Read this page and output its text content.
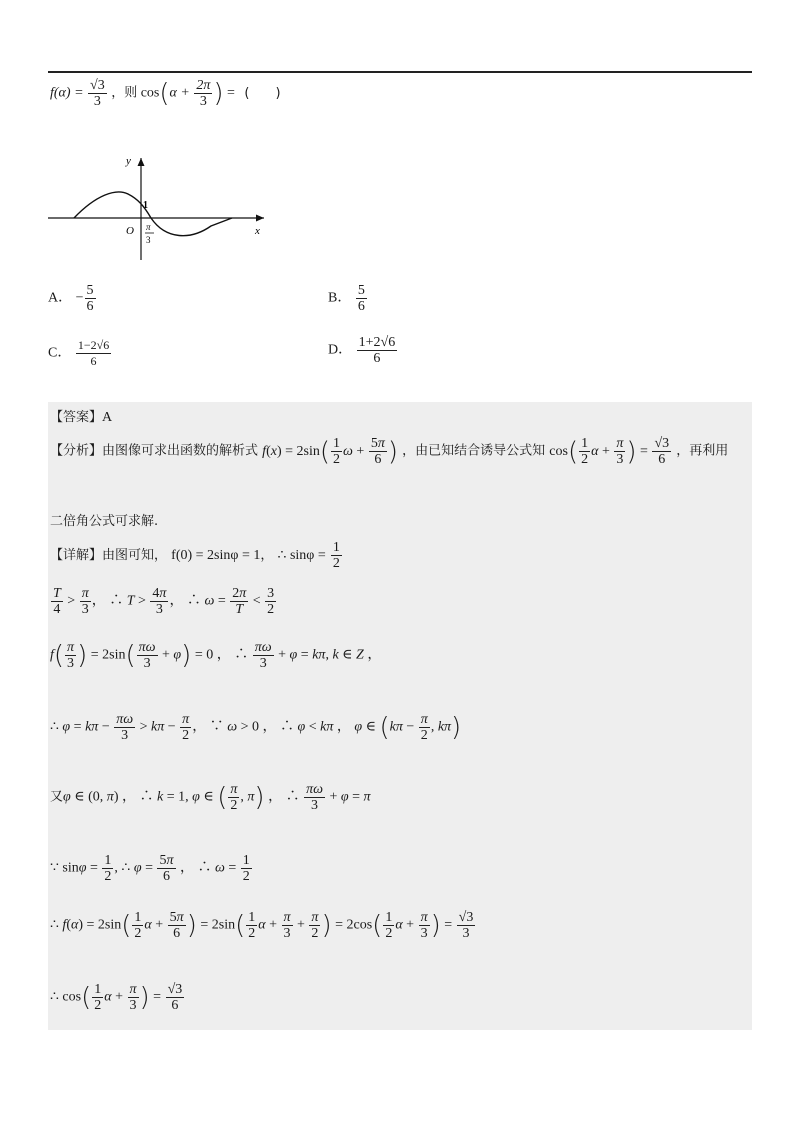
$f(\alpha) = \frac{√3}{3}$ ，则 $\cos(\alpha + \frac{2\pi}{3}$ ) = (　　)
y
x
O
1
π
3
A． − $\frac{5}{6}$	B． $\frac{5}{6}$
C． $\frac{1-2√6}{6}$	D． $\frac{1+2√6}{6}$
【答案】A
【分析】由图像可求出函数的解析式 $f(x) = 2\sin( \frac{1}{2}$ $\omega + \frac{5\pi}{6}$ ) ，由已知结合诱导公式知 $\cos( \frac{1}{2}$ $\alpha + \frac{\pi}{3}$ ) = $\frac{√3}{6}$ ，再利用
二倍角公式可求解.
【详解】由图可知， f(0) = 2sinφ = 1， ∴ $\sin\varphi = \frac{1}{2}$
$\frac{T}{4} > \frac{\pi}{3}$ ， ∴ $T > \frac{4\pi}{3}$ ， ∴ $\omega = \frac{2\pi}{T} < \frac{3}{2}$
$f( \frac{\pi}{3}$ ) = $2\sin( \frac{\pi\omega}{3} + \varphi) = 0$ ， ∴ $\frac{\pi\omega}{3} + \varphi = k\pi$, k ∈ Z ，
∴ $\varphi = k\pi - \frac{\pi\omega}{3} > k\pi - \frac{\pi}{2}$ ， ∵ ω > 0 ， ∴ φ < kπ ， φ ∈ ($k\pi - \frac{\pi}{2}$ , kπ)
又φ ∈ (0, π) ， ∴ k = 1, φ ∈ ( $\frac{\pi}{2}$ , π) ， ∴ $\frac{\pi\omega}{3} + \varphi = \pi$
∵ $\sin\varphi = \frac{1}{2}$ , ∴ $\varphi = \frac{5\pi}{6}$ ， ∴ $\omega = \frac{1}{2}$
∴ $f(\alpha) = 2\sin( \frac{1}{2}$ $\alpha + \frac{5\pi}{6}$ ) = $2\sin( \frac{1}{2}$ $\alpha + \frac{\pi}{3} + \frac{\pi}{2}$ ) = $2\cos( \frac{1}{2}$ $\alpha + \frac{\pi}{3}$ ) = $\frac{√3}{3}$
∴ $\cos( \frac{1}{2}$ $\alpha + \frac{\pi}{3}$ ) = $\frac{√3}{6}$
